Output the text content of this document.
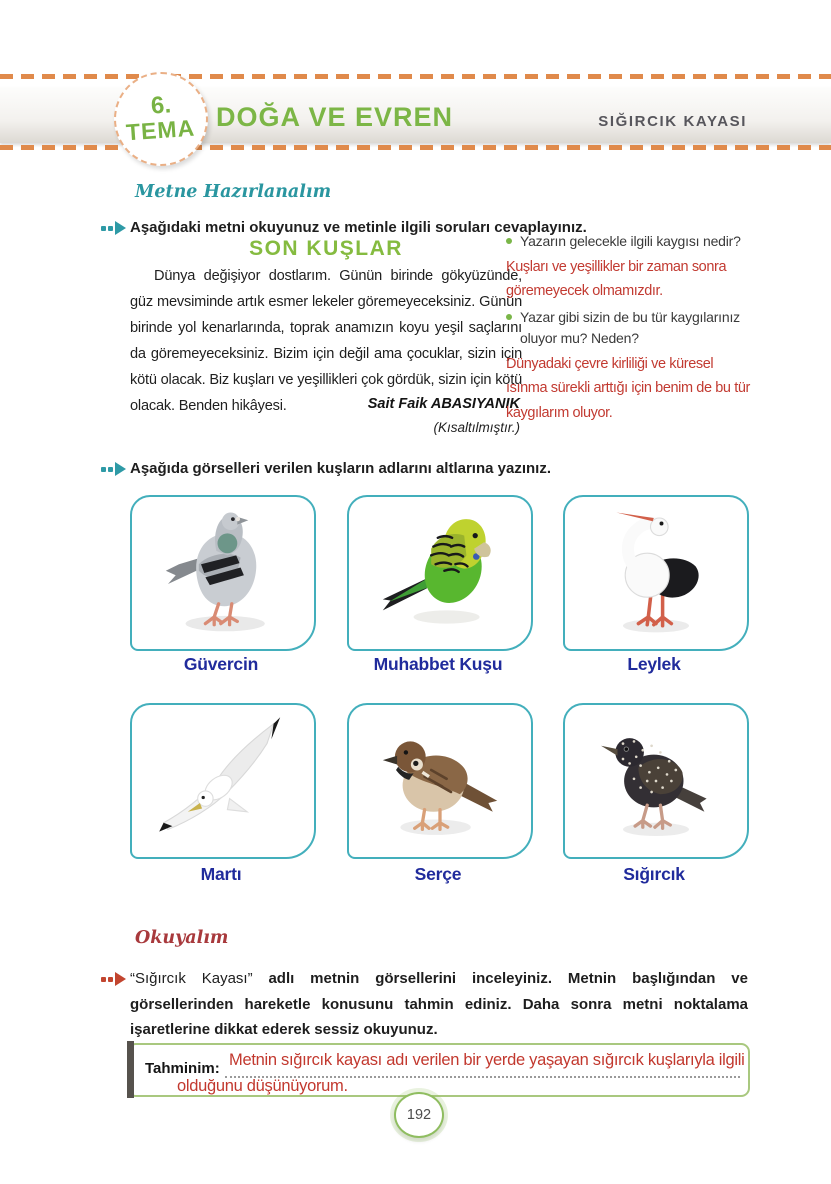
6.
TEMA DOĞA VE EVREN	SIĞIRCIK KAYASI
Metne Hazırlanalım
Aşağıdaki metni okuyunuz ve metinle ilgili soruları cevaplayınız.
SON KUŞLAR
Dünya değişiyor dostlarım. Günün birinde gökyüzünde, güz mevsiminde artık esmer lekeler göremeyeceksiniz. Günün birinde yol kenarlarında, toprak anamızın koyu yeşil saçlarını da göremeyeceksiniz. Bizim için değil ama çocuklar, sizin için kötü olacak. Biz kuşları ve yeşillikleri çok gördük, sizin için kötü olacak. Benden hikâyesi.	Sait Faik ABASIYANIK
(Kısaltılmıştır.)
Yazarın gelecekle ilgili kaygısı nedir?

Kuşları ve yeşillikler bir zaman sonra göremeyecek olmamızdır.

Yazar gibi sizin de bu tür kaygılarınız oluyor mu? Neden?

Dünyadaki çevre kirliliği ve küresel ısınma sürekli arttığı için benim de bu tür kaygılarım oluyor.

Aşağıda görselleri verilen kuşların adlarını altlarına yazınız.
Güvercin	Muhabbet Kuşu	Leylek
Martı	Serçe	Sığırcık
Okuyalım
“Sığırcık Kayası” adlı metnin görsellerini inceleyiniz. Metnin başlığından ve görsellerinden hareketle konusunu tahmin ediniz. Daha sonra metni noktalama işaretlerine dikkat ederek sessiz okuyunuz.
Tahminim: Metnin sığırcık kayası adı verilen bir yerde yaşayan sığırcık kuşlarıyla ilgili olduğunu düşünüyorum.
192
